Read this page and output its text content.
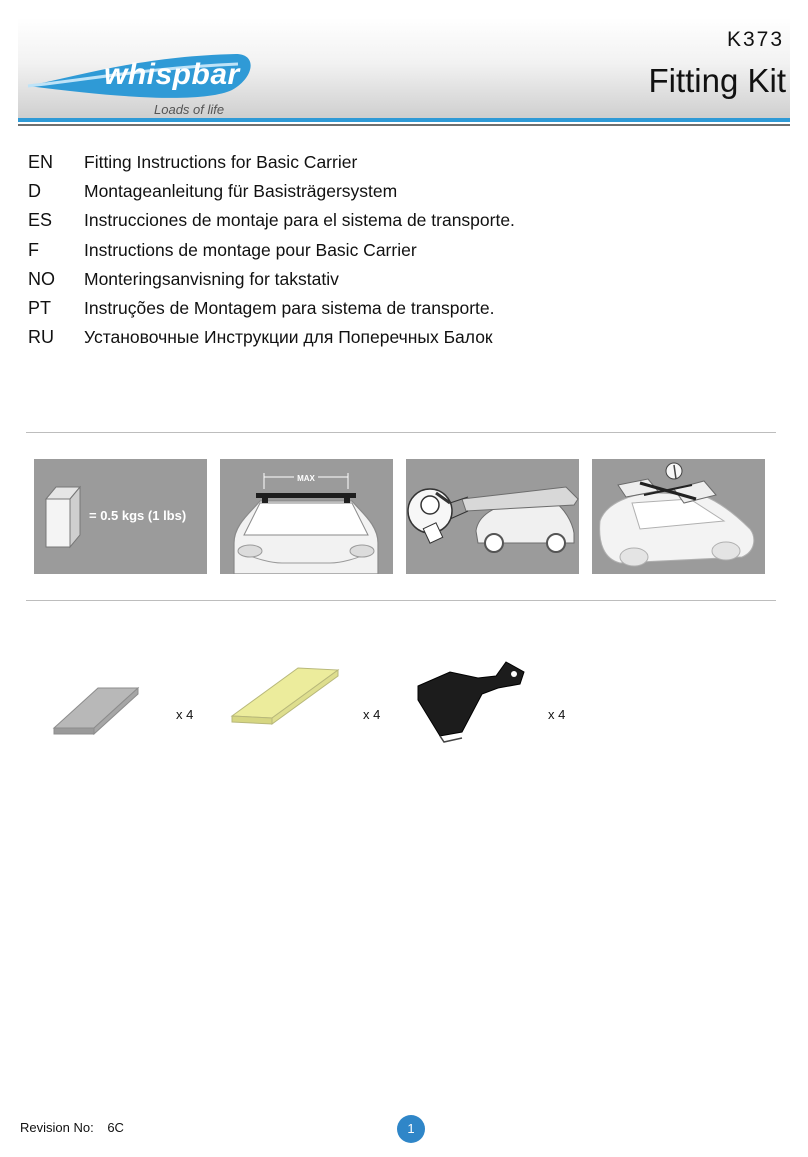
whispbar
Loads of life
K373
Fitting Kit
EN	Fitting Instructions for Basic Carrier
D	Montageanleitung für Basisträgersystem
ES	Instrucciones de montaje para el sistema de transporte.
F	Instructions de montage pour Basic Carrier
NO	Monteringsanvisning for takstativ
PT	Instruções de Montagem para sistema de transporte.
RU	Установочные Инструкции для Поперечных Балок
= 0.5 kgs (1 lbs)
MAX
x 4	x 4	x 4
Revision No: 6C	1
